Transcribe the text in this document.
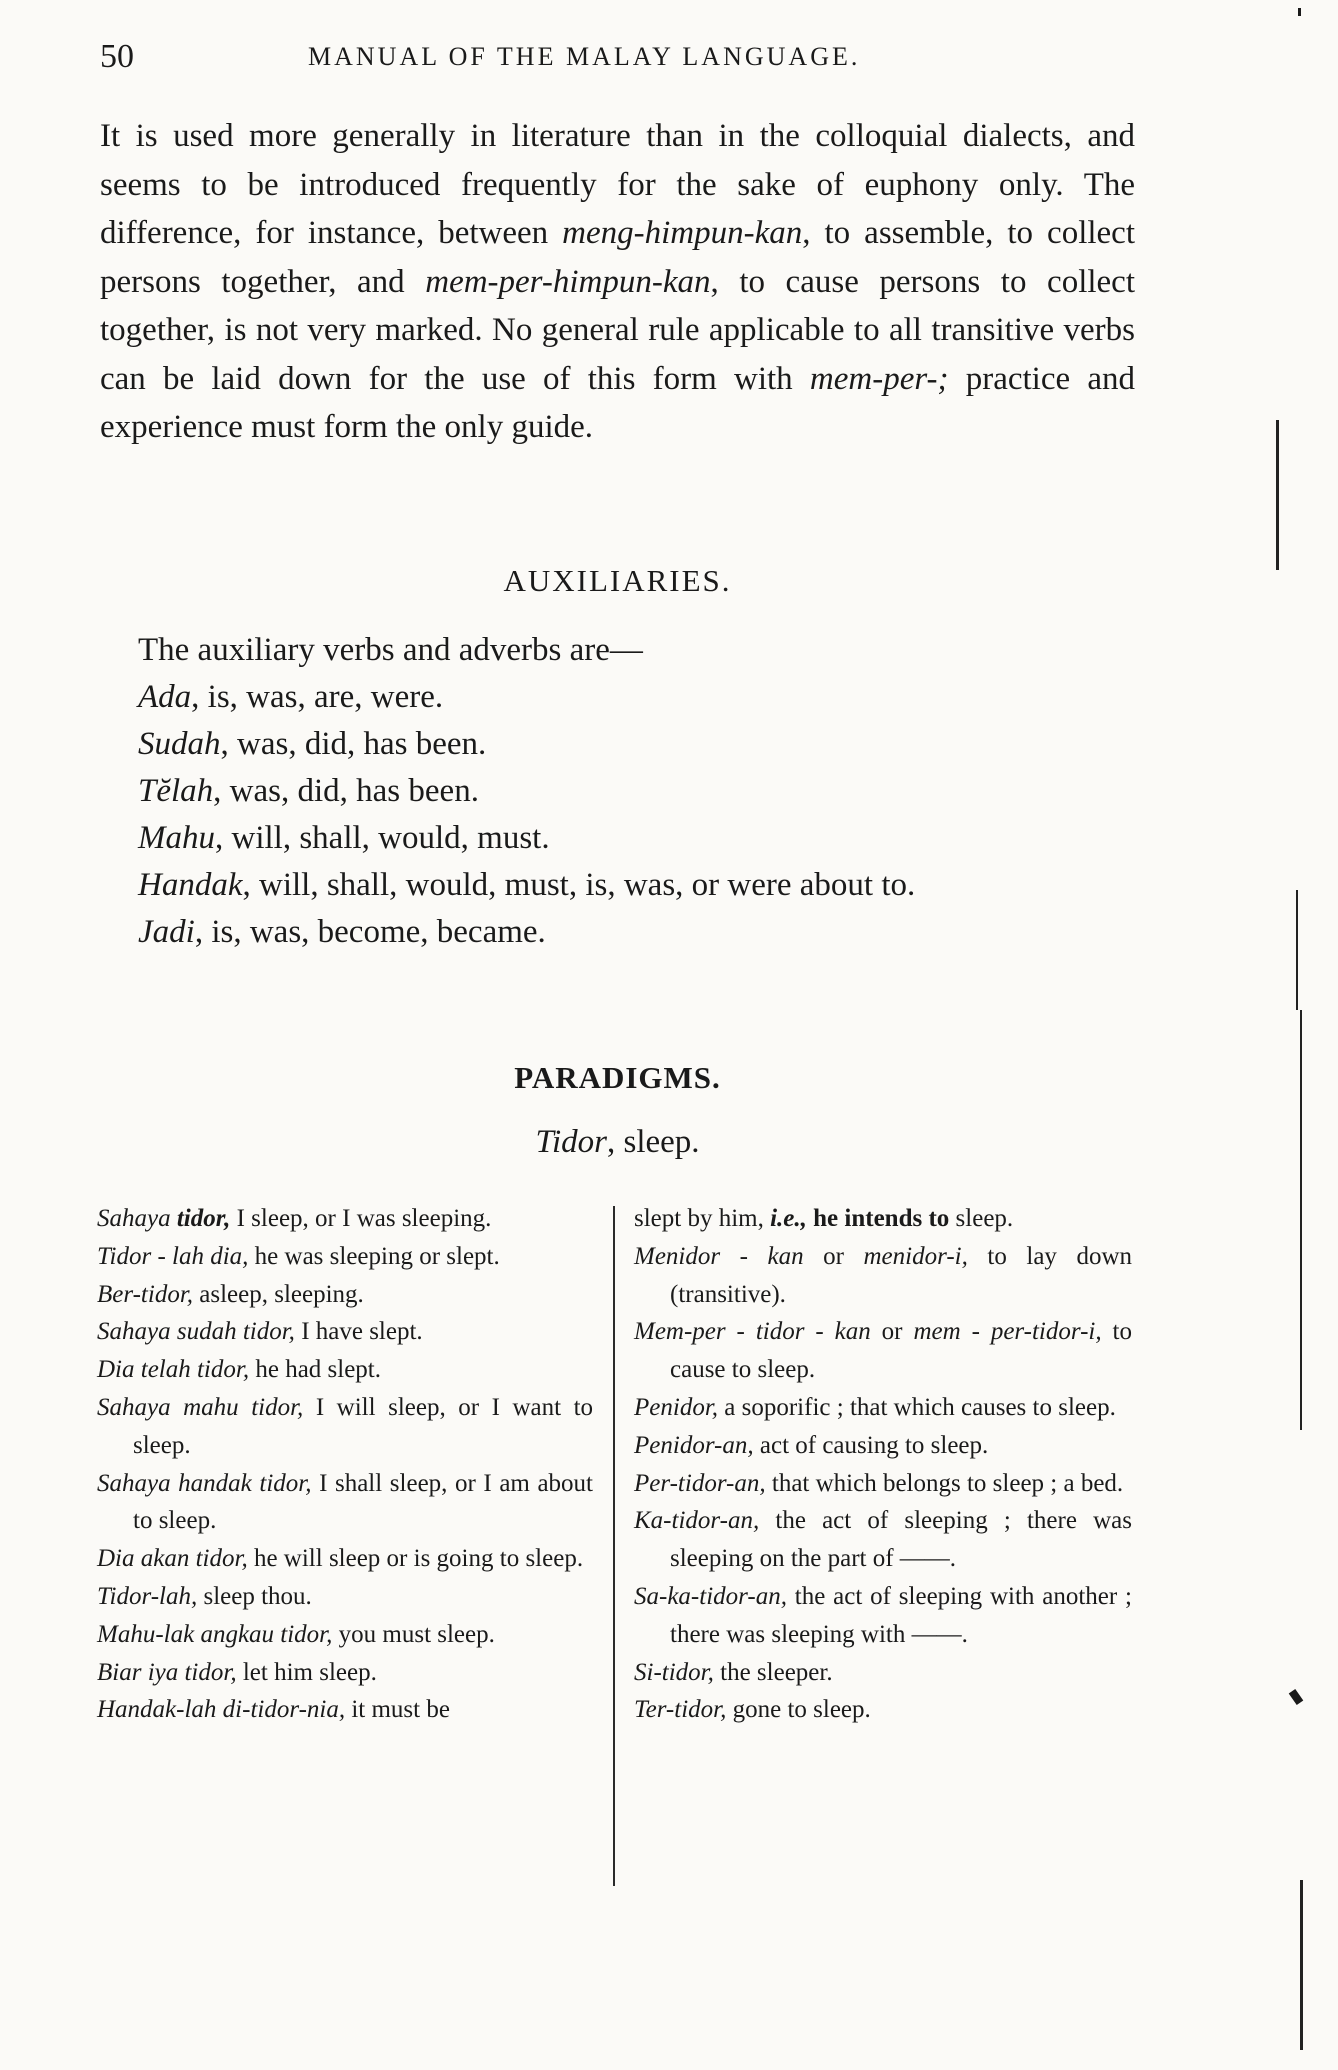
50	MANUAL OF THE MALAY LANGUAGE.

It is used more generally in literature than in the colloquial dialects, and seems to be introduced frequently for the sake of euphony only. The difference, for instance, between meng-himpun-kan, to assemble, to collect persons together, and mem-per-himpun-kan, to cause persons to collect together, is not very marked. No general rule applicable to all transitive verbs can be laid down for the use of this form with mem-per-; practice and experience must form the only guide.

AUXILIARIES.
The auxiliary verbs and adverbs are—
Ada, is, was, are, were.
Sudah, was, did, has been.
Tĕlah, was, did, has been.
Mahu, will, shall, would, must.
Handak, will, shall, would, must, is, was, or were about to.
Jadi, is, was, become, became.
PARADIGMS.
Tidor, sleep.
Sahaya tidor, I sleep, or I was sleeping.
Tidor - lah dia, he was sleeping or slept.
Ber-tidor, asleep, sleeping.
Sahaya sudah tidor, I have slept.
Dia telah tidor, he had slept.
Sahaya mahu tidor, I will sleep, or I want to sleep.
Sahaya handak tidor, I shall sleep, or I am about to sleep.
Dia akan tidor, he will sleep or is going to sleep.
Tidor-lah, sleep thou.
Mahu-lak angkau tidor, you must sleep.
Biar iya tidor, let him sleep.
Handak-lah di-tidor-nia, it must be
slept by him, i.e., he intends to sleep.
Menidor - kan or menidor-i, to lay down (transitive).
Mem-per - tidor - kan or mem - per-tidor-i, to cause to sleep.
Penidor, a soporific ; that which causes to sleep.
Penidor-an, act of causing to sleep.
Per-tidor-an, that which belongs to sleep ; a bed.
Ka-tidor-an, the act of sleeping ; there was sleeping on the part of ——.
Sa-ka-tidor-an, the act of sleeping with another ; there was sleeping with ——.
Si-tidor, the sleeper.
Ter-tidor, gone to sleep.
